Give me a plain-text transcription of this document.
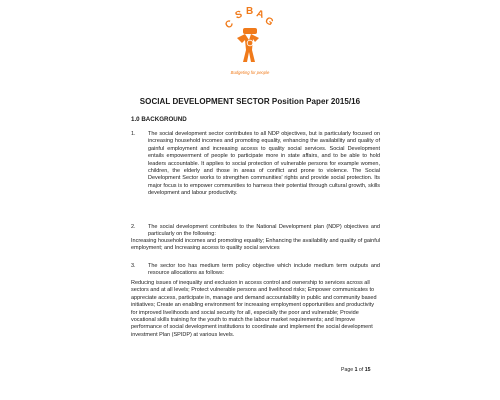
C
S B A
G
Budgeting for people
SOCIAL DEVELOPMENT SECTOR Position Paper 2015/16
1.0 BACKGROUND
1. The social development sector contributes to all NDP objectives, but is particularly focused on increasing household incomes and promoting equality, enhancing the availability and quality of gainful employment and increasing access to quality social services. Social Development entails empowerment of people to participate more in state affairs, and to be able to hold leaders accountable. It applies to social protection of vulnerable persons for example women, children, the elderly and those in areas of conflict and prone to violence. The Social Development Sector works to strengthen communities' rights and provide social protection. Its major focus is to empower communities to harness their potential through cultural growth, skills development and labour productivity.

2. The social development contributes to the National Development plan (NDP) objectives and particularly on the following:

Increasing household incomes and promoting equality; Enhancing the availability and quality of gainful employment; and Increasing access to quality social services

3. The sector too has medium term policy objective which include medium term outputs and resource allocations as follows:

Reducing issues of inequality and exclusion in access control and ownership to services across all sectors and at all levels; Protect vulnerable persons and livelihood risks; Empower communicates to appreciate access, participate in, manage and demand accountability in public and community based initiatives; Create an enabling environment for increasing employment opportunities and productivity for improved livelihoods and social security for all, especially the poor and vulnerable; Provide vocational skills training for the youth to match the labour market requirements; and Improve performance of social development institutions to coordinate and implement the social development investment Plan (SPIDP) at various levels.

Page 1 of 15
